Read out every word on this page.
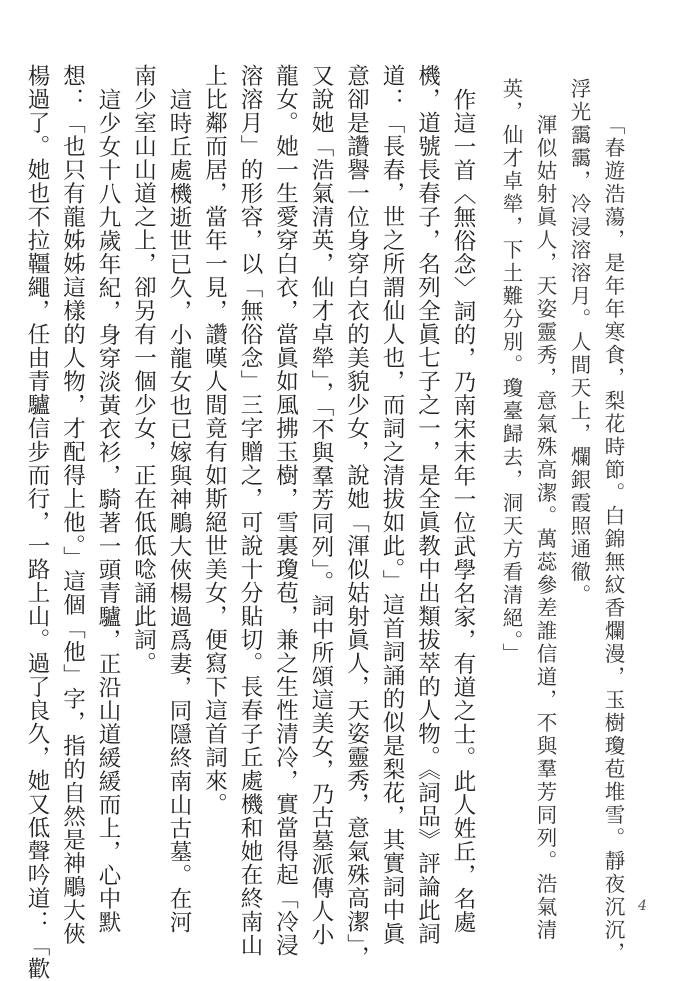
「春遊浩蕩，是年年寒食，梨花時節。白錦無紋香爛漫，玉樹瓊苞堆雪。靜夜沉沉，
浮光靄靄，冷浸溶溶月。人間天上，爛銀霞照通徹。
渾似姑射眞人，天姿靈秀，意氣殊高潔。萬蕊參差誰信道，不與羣芳同列。浩氣清
英，仙才卓犖，下土難分別。瓊臺歸去，洞天方看清絕。」
作這一首〈無俗念〉詞的，乃南宋末年一位武學名家，有道之士。此人姓丘，名處
機，道號長春子，名列全眞七子之一，是全眞教中出類拔萃的人物。《詞品》評論此詞
道：「長春，世之所謂仙人也，而詞之清拔如此。」這首詞誦的似是梨花，其實詞中眞
意卻是讚譽一位身穿白衣的美貌少女，說她「渾似姑射眞人，天姿靈秀，意氣殊高潔」，
又說她「浩氣清英，仙才卓犖」，「不與羣芳同列」。詞中所頌這美女，乃古墓派傳人小
龍女。她一生愛穿白衣，當眞如風拂玉樹，雪裏瓊苞，兼之生性清冷，實當得起「冷浸
溶溶月」的形容，以「無俗念」三字贈之，可說十分貼切。長春子丘處機和她在終南山
上比鄰而居，當年一見，讚嘆人間竟有如斯絕世美女，便寫下這首詞來。
這時丘處機逝世已久，小龍女也已嫁與神鵰大俠楊過爲妻，同隱終南山古墓。在河
南少室山山道之上，卻另有一個少女，正在低低唸誦此詞。
這少女十八九歲年紀，身穿淡黃衣衫，騎著一頭青驢，正沿山道緩緩而上，心中默
想：「也只有龍姊姊這樣的人物，才配得上他。」這個「他」字，指的自然是神鵰大俠
楊過了。她也不拉韁繩，任由青驢信步而行，一路上山。過了良久，她又低聲吟道：「歡	4
